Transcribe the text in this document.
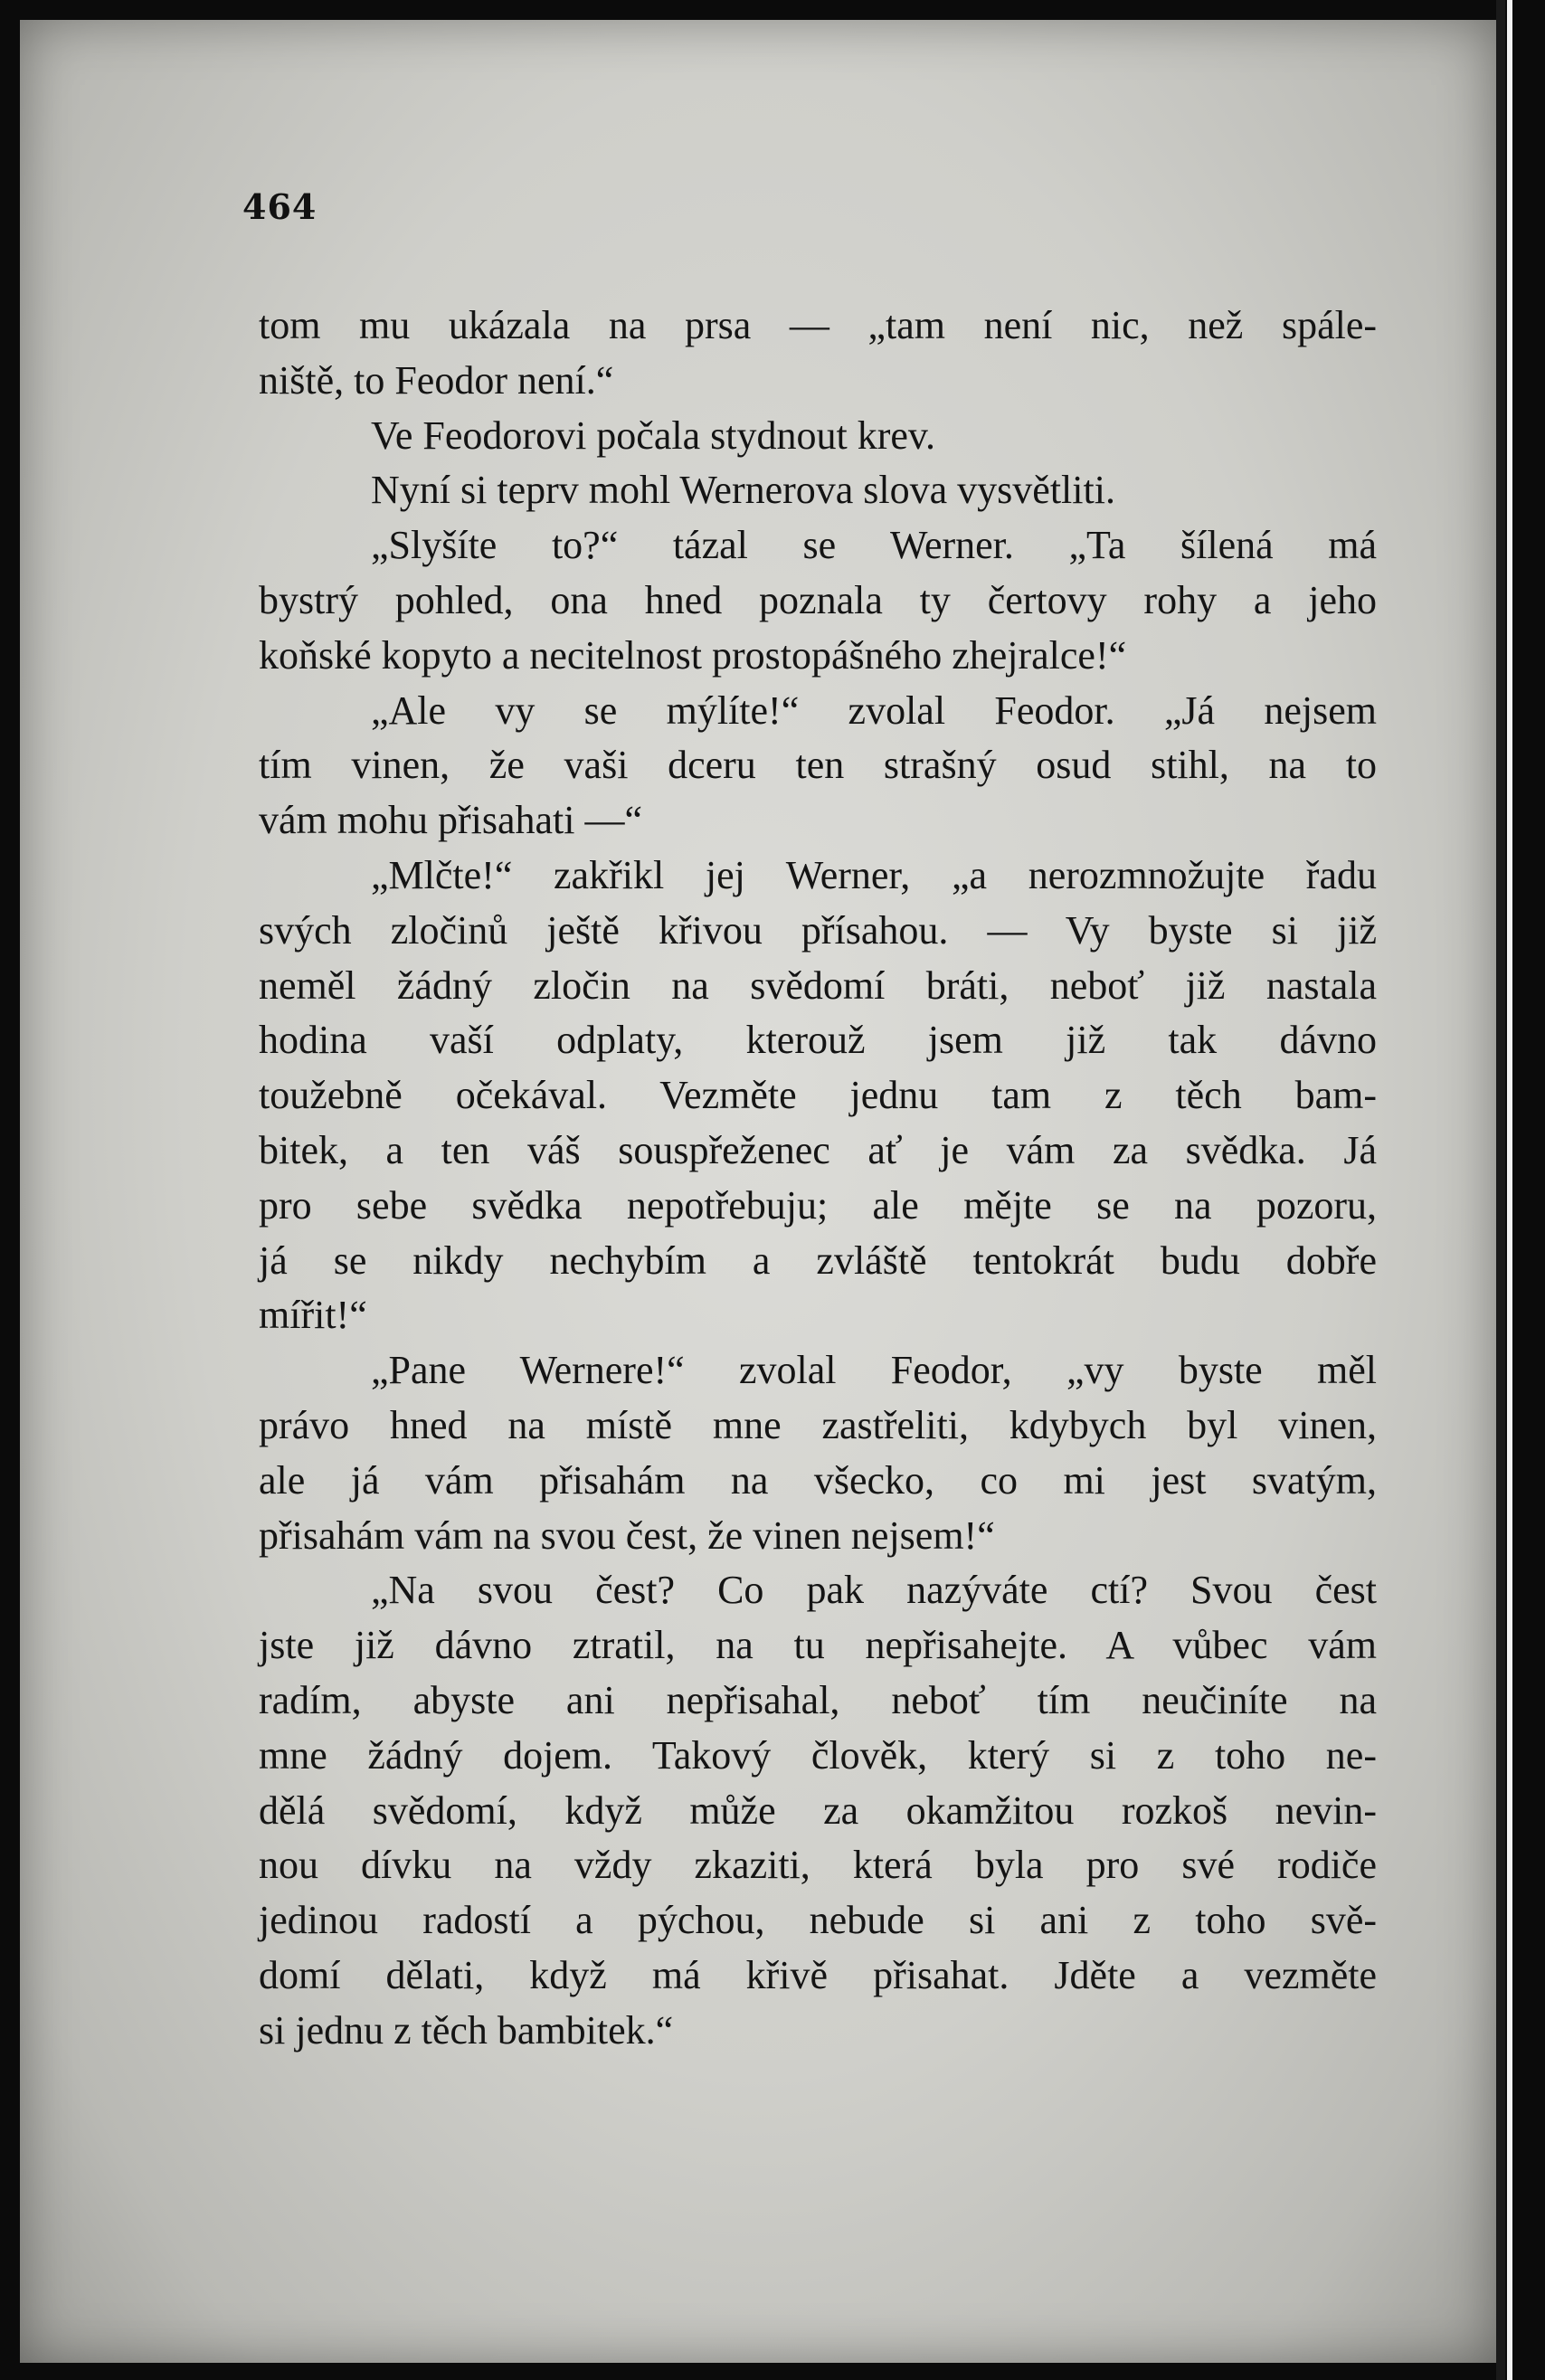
464
tom mu ukázala na prsa — „tam není nic, než spále-
niště, to Feodor není.“
Ve Feodorovi počala stydnout krev.
Nyní si teprv mohl Wernerova slova vysvětliti.
„Slyšíte to?“ tázal se Werner. „Ta šílená má
bystrý pohled, ona hned poznala ty čertovy rohy a jeho
koňské kopyto a necitelnost prostopášného zhejralce!“
„Ale vy se mýlíte!“ zvolal Feodor. „Já nejsem
tím vinen, že vaši dceru ten strašný osud stihl, na to
vám mohu přisahati —“
„Mlčte!“ zakřikl jej Werner, „a nerozmnožujte řadu
svých zločinů ještě křivou přísahou. — Vy byste si již
neměl žádný zločin na svědomí bráti, neboť již nastala
hodina vaší odplaty, kterouž jsem již tak dávno
toužebně očekával. Vezměte jednu tam z těch bam-
bitek, a ten váš souspřeženec ať je vám za svědka. Já
pro sebe svědka nepotřebuju; ale mějte se na pozoru,
já se nikdy nechybím a zvláště tentokrát budu dobře
mířit!“
„Pane Wernere!“ zvolal Feodor, „vy byste měl
právo hned na místě mne zastřeliti, kdybych byl vinen,
ale já vám přisahám na všecko, co mi jest svatým,
přisahám vám na svou čest, že vinen nejsem!“
„Na svou čest? Co pak nazýváte ctí? Svou čest
jste již dávno ztratil, na tu nepřisahejte. A vůbec vám
radím, abyste ani nepřisahal, neboť tím neučiníte na
mne žádný dojem. Takový člověk, který si z toho ne-
dělá svědomí, když může za okamžitou rozkoš nevin-
nou dívku na vždy zkaziti, která byla pro své rodiče
jedinou radostí a pýchou, nebude si ani z toho svě-
domí dělati, když má křivě přisahat. Jděte a vezměte
si jednu z těch bambitek.“
